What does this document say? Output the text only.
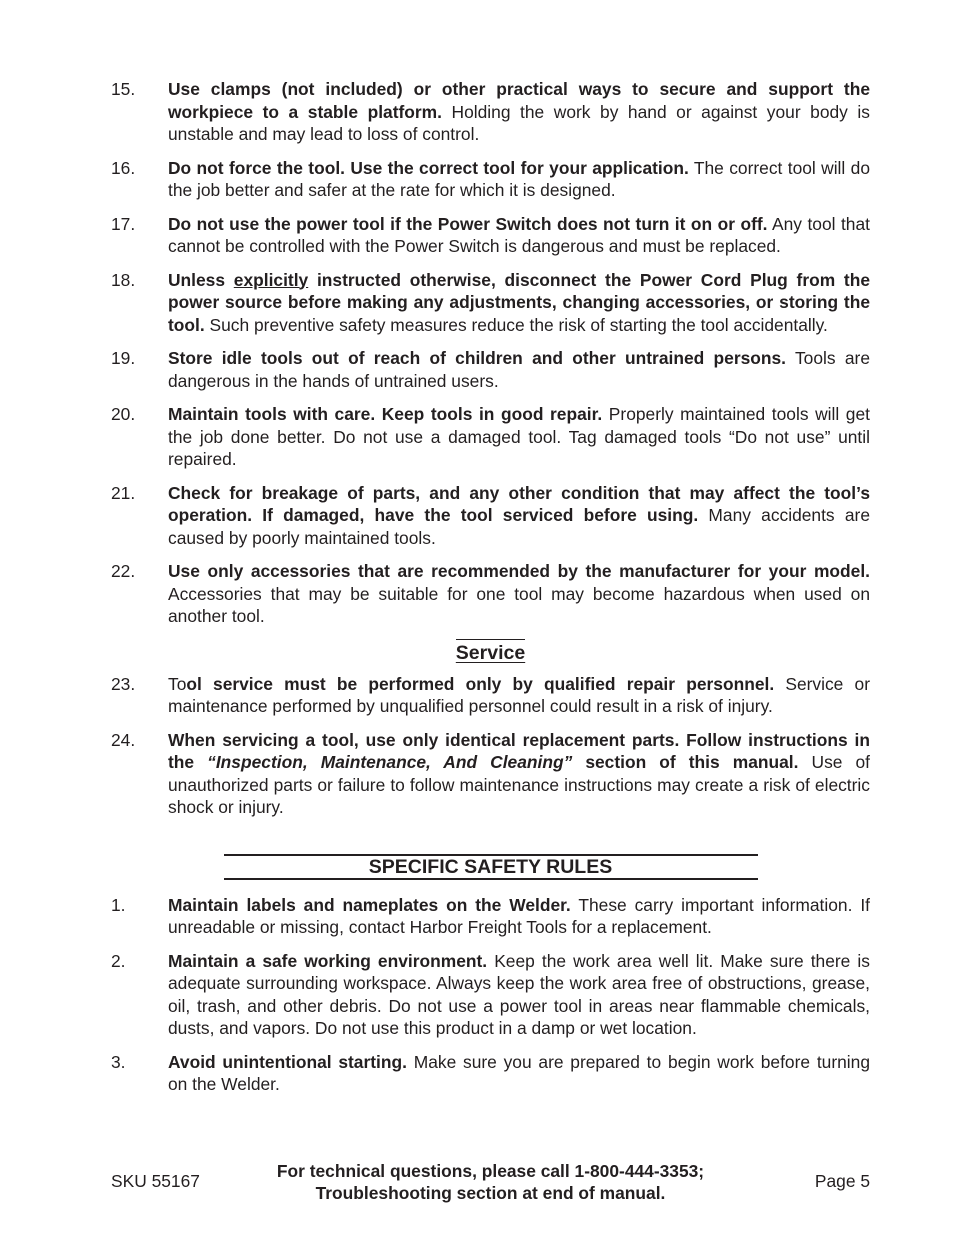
15.	Use clamps (not included) or other practical ways to secure and support the workpiece to a stable platform. Holding the work by hand or against your body is unstable and may lead to loss of control.
16.	Do not force the tool. Use the correct tool for your application. The correct tool will do the job better and safer at the rate for which it is designed.
17.	Do not use the power tool if the Power Switch does not turn it on or off. Any tool that cannot be controlled with the Power Switch is dangerous and must be replaced.
18.	Unless explicitly instructed otherwise, disconnect the Power Cord Plug from the power source before making any adjustments, changing accessories, or storing the tool. Such preventive safety measures reduce the risk of starting the tool accidentally.
19.	Store idle tools out of reach of children and other untrained persons. Tools are dangerous in the hands of untrained users.
20.	Maintain tools with care. Keep tools in good repair. Properly maintained tools will get the job done better. Do not use a damaged tool. Tag damaged tools “Do not use” until repaired.
21.	Check for breakage of parts, and any other condition that may affect the tool’s operation. If damaged, have the tool serviced before using. Many accidents are caused by poorly maintained tools.
22.	Use only accessories that are recommended by the manufacturer for your model. Accessories that may be suitable for one tool may become hazardous when used on another tool.
Service
23.	Tool service must be performed only by qualified repair personnel. Service or maintenance performed by unqualified personnel could result in a risk of injury.
24.	When servicing a tool, use only identical replacement parts. Follow instructions in the “Inspection, Maintenance, And Cleaning” section of this manual. Use of unauthorized parts or failure to follow maintenance instructions may create a risk of electric shock or injury.
SPECIFIC SAFETY RULES
1.	Maintain labels and nameplates on the Welder. These carry important information. If unreadable or missing, contact Harbor Freight Tools for a replacement.
2.	Maintain a safe working environment. Keep the work area well lit. Make sure there is adequate surrounding workspace. Always keep the work area free of obstructions, grease, oil, trash, and other debris. Do not use a power tool in areas near flammable chemicals, dusts, and vapors. Do not use this product in a damp or wet location.
3.	Avoid unintentional starting. Make sure you are prepared to begin work before turning on the Welder.
SKU 55167	For technical questions, please call 1-800-444-3353;
Troubleshooting section at end of manual.
Page 5
